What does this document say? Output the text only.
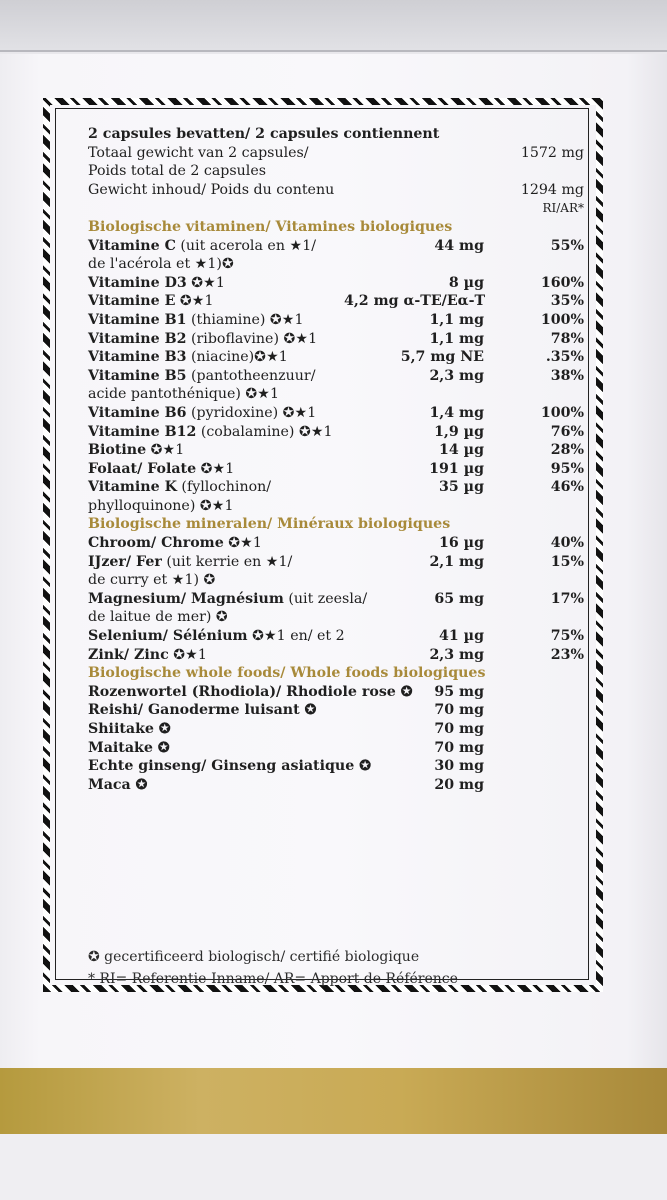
2 capsules bevatten/ 2 capsules contiennent
Totaal gewicht van 2 capsules/	1572 mg
Poids total de 2 capsules
Gewicht inhoud/ Poids du contenu	1294 mg
RI/AR*
Biologische vitaminen/ Vitamines biologiques
Vitamine C (uit acerola en ★1/	44 mg	55%
de l'acérola et ★1)✪
Vitamine D3 ✪★1	8 µg	160%
Vitamine E ✪★1	4,2 mg α-TE/Eα-T	35%
Vitamine B1 (thiamine) ✪★1	1,1 mg	100%
Vitamine B2 (riboflavine) ✪★1	1,1 mg	78%
Vitamine B3 (niacine)✪★1	5,7 mg NE	.35%
Vitamine B5 (pantotheenzuur/	2,3 mg	38%
acide pantothénique) ✪★1
Vitamine B6 (pyridoxine) ✪★1	1,4 mg	100%
Vitamine B12 (cobalamine) ✪★1	1,9 µg	76%
Biotine ✪★1	14 µg	28%
Folaat/ Folate ✪★1	191 µg	95%
Vitamine K (fyllochinon/	35 µg	46%
phylloquinone) ✪★1
Biologische mineralen/ Minéraux biologiques
Chroom/ Chrome ✪★1	16 µg	40%
IJzer/ Fer (uit kerrie en ★1/	2,1 mg	15%
de curry et ★1) ✪
Magnesium/ Magnésium (uit zeesla/	65 mg	17%
de laitue de mer) ✪
Selenium/ Sélénium ✪★1 en/ et 2	41 µg	75%
Zink/ Zinc ✪★1	2,3 mg	23%
Biologische whole foods/ Whole foods biologiques
Rozenwortel (Rhodiola)/ Rhodiole rose ✪	95 mg
Reishi/ Ganoderme luisant ✪	70 mg
Shiitake ✪	70 mg
Maitake ✪	70 mg
Echte ginseng/ Ginseng asiatique ✪	30 mg
Maca ✪	20 mg
✪ gecertificeerd biologisch/ certifié biologique
* RI= Referentie-Inname/ AR= Apport de Référence
